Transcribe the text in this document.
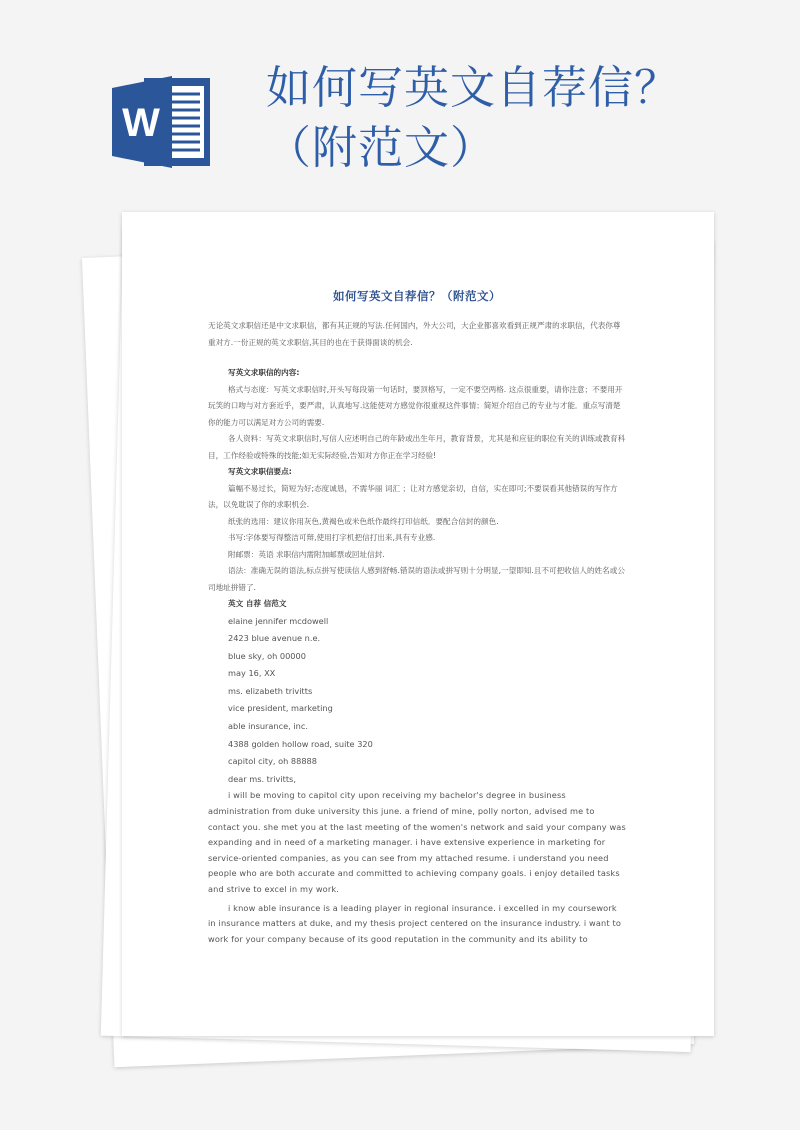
W
如何写英文自荐信？（附范文）
如何写英文自荐信？（附范文）

无论英文求职信还是中文求职信，都有其正规的写法.任何国内，外大公司，大企业都喜欢看到正规严肃的求职信，代表你尊重对方.一份正规的英文求职信,其目的也在于获得面谈的机会.

写英文求职信的内容:

格式与态度：写英文求职信时,开头写每段第一句话时，要顶格写，一定不要空两格. 这点很重要，请你注意；不要用开玩笑的口吻与对方套近乎，要严肃，认真地写.这能使对方感觉你很重视这件事情；简短介绍自己的专业与才能．重点写清楚你的能力可以满足对方公司的需要.

各人资料：写英文求职信时,写信人应述明自己的年龄或出生年月，教育背景，尤其是和应征的职位有关的训练或教育科目，工作经验或特殊的技能;如无实际经验,告知对方你正在学习经验!

写英文求职信要点:

篇幅不易过长，简短为好;态度诚恳，不需华丽 词汇 ；让对方感觉亲切，自信，实在即可;不要误看其他错误的写作方法，以免耽误了你的求职机会.

纸张的选用：建议你用灰色,黄褐色或米色纸作最终打印信纸．要配合信封的颜色.

书写:字体要写得整洁可辩,使用打字机把信打出来,具有专业感.

附邮票：英语 求职信内需附加邮票或回址信封.

语法：准确无误的语法,标点拼写使读信人感到舒畅.错误的语法或拼写则十分明显,一望即知.且不可把收信人的姓名或公司地址拼错了.

英文 自荐 信范文

elaine jennifer mcdowell

2423 blue avenue n.e.

blue sky, oh 00000

may 16, XX

ms. elizabeth trivitts

vice president, marketing

able insurance, inc.

4388 golden hollow road, suite 320

capitol city, oh 88888

dear ms. trivitts,

i will be moving to capitol city upon receiving my bachelor's degree in business administration from duke university this june. a friend of mine, polly norton, advised me to contact you. she met you at the last meeting of the women's network and said your company was expanding and in need of a marketing manager. i have extensive experience in marketing for service-oriented companies, as you can see from my attached resume. i understand you need people who are both accurate and committed to achieving company goals. i enjoy detailed tasks and strive to excel in my work.

i know able insurance is a leading player in regional insurance. i excelled in my coursework in insurance matters at duke, and my thesis project centered on the insurance industry. i want to work for your company because of its good reputation in the community and its ability to
